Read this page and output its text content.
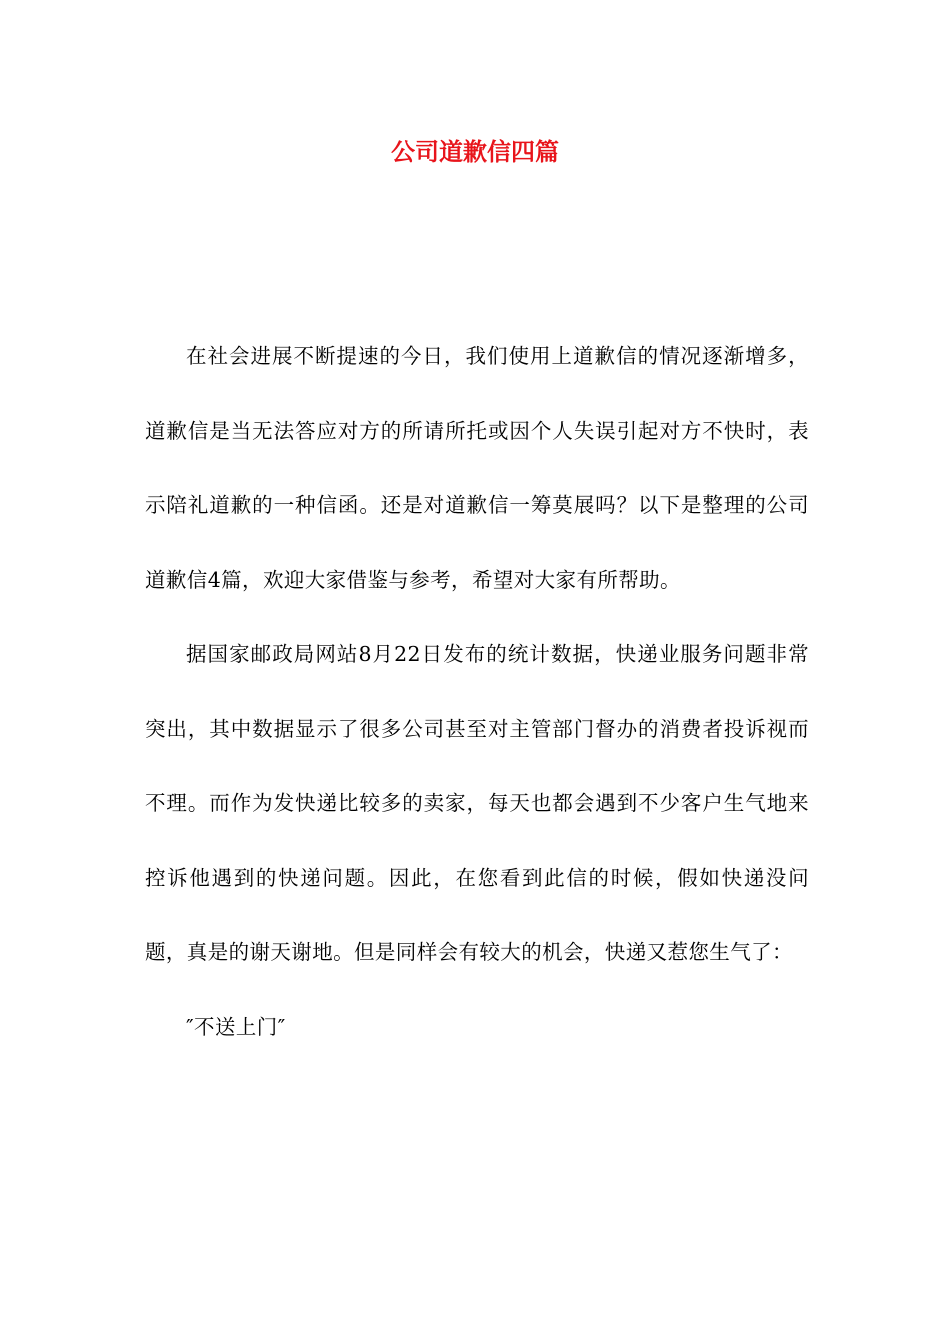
公司道歉信四篇

在社会进展不断提速的今日，我们使用上道歉信的情况逐渐增多，道歉信是当无法答应对方的所请所托或因个人失误引起对方不快时，表示陪礼道歉的一种信函。还是对道歉信一筹莫展吗？以下是整理的公司道歉信4篇，欢迎大家借鉴与参考，希望对大家有所帮助。

据国家邮政局网站8月22日发布的统计数据，快递业服务问题非常突出，其中数据显示了很多公司甚至对主管部门督办的消费者投诉视而不理。而作为发快递比较多的卖家，每天也都会遇到不少客户生气地来控诉他遇到的快递问题。因此，在您看到此信的时候，假如快递没问题，真是的谢天谢地。但是同样会有较大的机会，快递又惹您生气了：

″不送上门″
